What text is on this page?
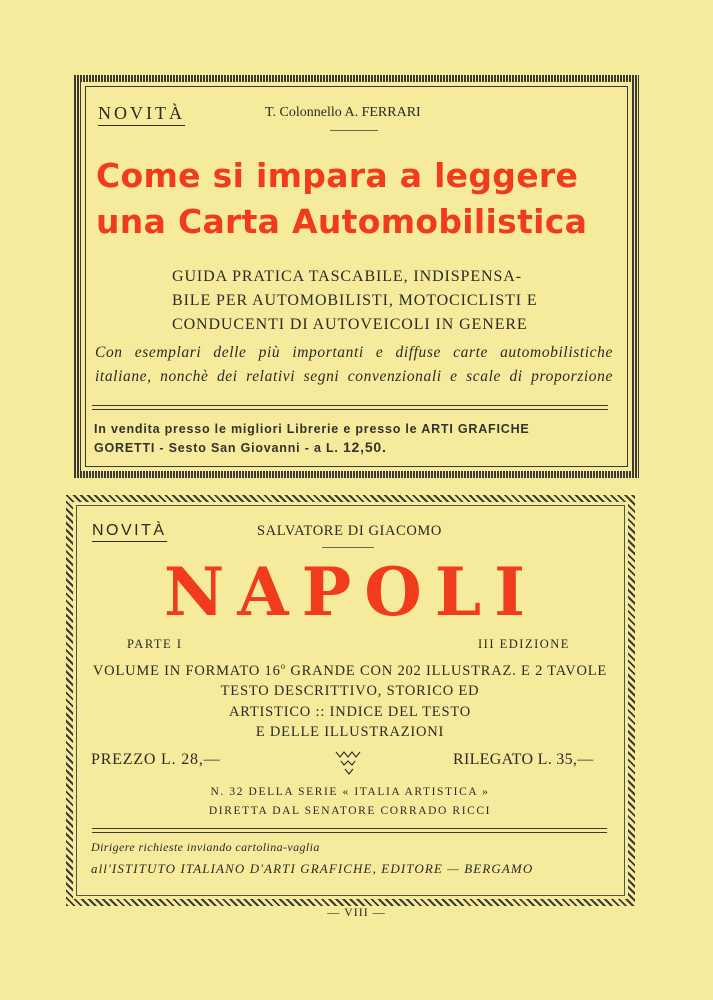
NOVITÀ	T. Colonnello A. FERRARI
Come si impara a leggere
una Carta Automobilistica
GUIDA PRATICA TASCABILE, INDISPENSA-
BILE PER AUTOMOBILISTI, MOTOCICLISTI E
CONDUCENTI DI AUTOVEICOLI IN GENERE
Con esemplari delle più importanti e diffuse carte automobilistiche
italiane, nonchè dei relativi segni convenzionali e scale di proporzione
In vendita presso le migliori Librerie e presso le ARTI GRAFICHE
GORETTI - Sesto San Giovanni - a L. 12,50.
NOVITÀ	SALVATORE DI GIACOMO
NAPOLI
PARTE I	III EDIZIONE
VOLUME IN FORMATO 16$^o$ GRANDE CON 202 ILLUSTRAZ. E 2 TAVOLE
TESTO DESCRITTIVO, STORICO ED
ARTISTICO :: INDICE DEL TESTO
E DELLE ILLUSTRAZIONI
PREZZO L. 28,—	RILEGATO L. 35,—
N. 32 DELLA SERIE « ITALIA ARTISTICA »
DIRETTA DAL SENATORE CORRADO RICCI
Dirigere richieste inviando cartolina-vaglia
all'ISTITUTO ITALIANO D'ARTI GRAFICHE, EDITORE — BERGAMO
— VIII —
